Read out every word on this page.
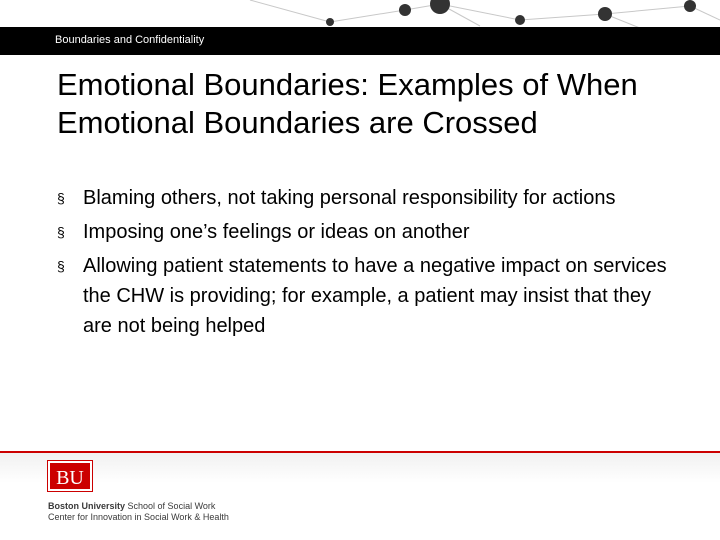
Boundaries and Confidentiality
Emotional Boundaries: Examples of When
Emotional Boundaries are Crossed
§ Blaming others, not taking personal responsibility for actions
§ Imposing one’s feelings or ideas on another
§ Allowing patient statements to have a negative impact on services the CHW is providing; for example, a patient may insist that they are not being helped
BU
Boston University School of Social Work
Center for Innovation in Social Work & Health
